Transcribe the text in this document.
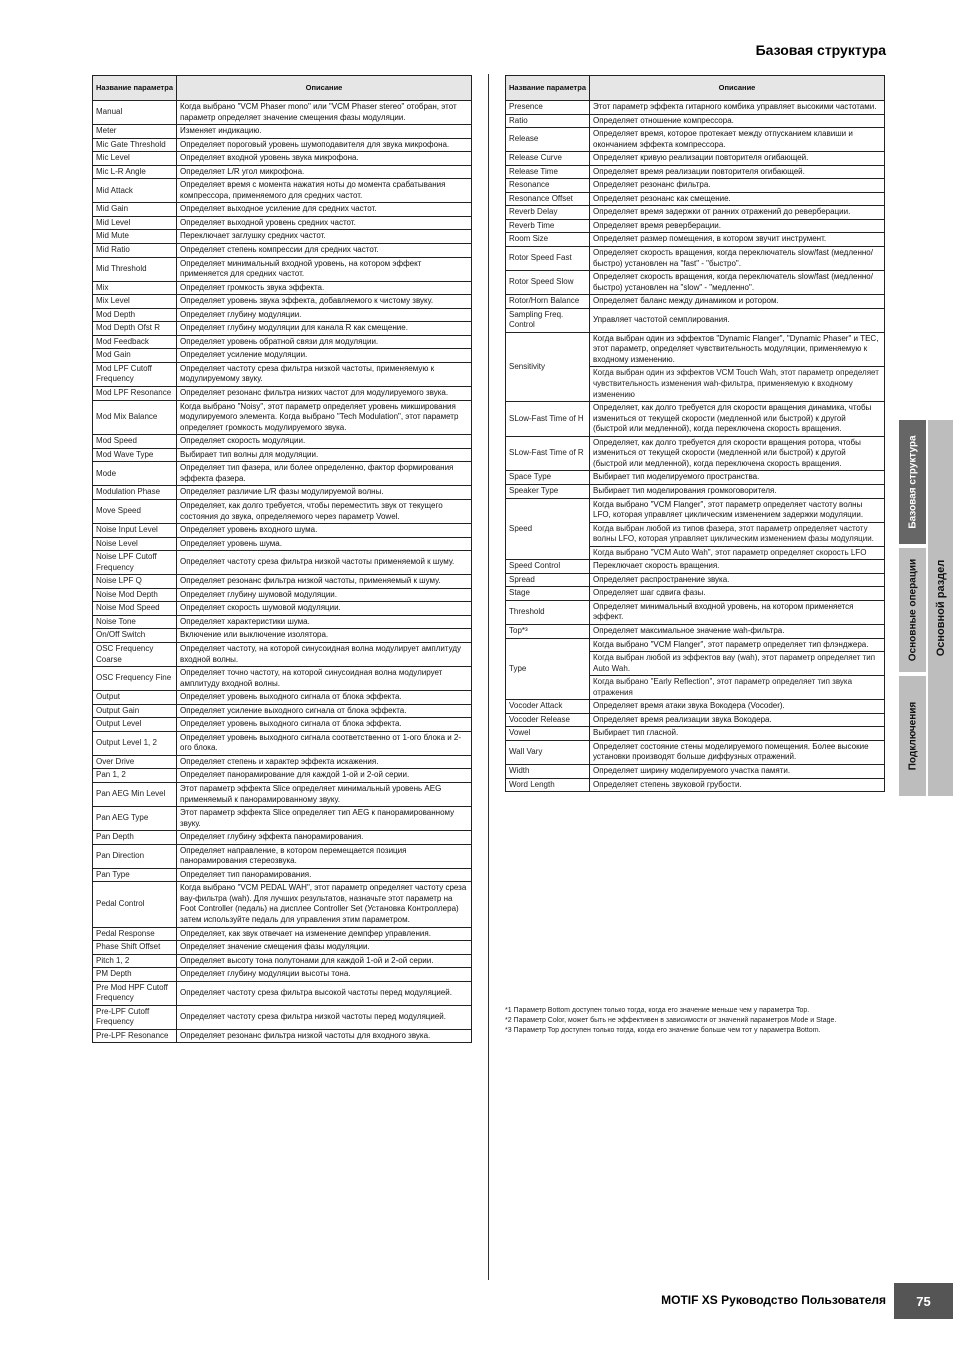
Базовая структура
Название параметра	Описание
Manual	Когда выбрано "VCM Phaser mono" или "VCM Phaser stereo" отобран, этот параметр определяет значение смещения фазы модуляции.
Meter	Изменяет индикацию.
Mic Gate Threshold	Определяет пороговый уровень шумоподавителя для звука микрофона.
Mic Level	Определяет входной уровень звука микрофона.
Mic L-R Angle	Определяет L/R угол микрофона.
Mid Attack	Определяет время с момента нажатия ноты до момента срабатывания компрессора, применяемого для средних частот.
Mid Gain	Определяет выходное усиление для средних частот.
Mid Level	Определяет выходной уровень средних частот.
Mid Mute	Переключает заглушку средних частот.
Mid Ratio	Определяет степень компрессии для средних частот.
Mid Threshold	Определяет минимальный входной уровень, на котором эффект применяется для средних частот.
Mix	Определяет громкость звука эффекта.
Mix Level	Определяет уровень звука эффекта, добавляемого к чистому звуку.
Mod Depth	Определяет глубину модуляции.
Mod Depth Ofst R	Определяет глубину модуляции для канала R как смещение.
Mod Feedback	Определяет уровень обратной связи для модуляции.
Mod Gain	Определяет усиление модуляции.
Mod LPF Cutoff Frequency	Определяет частоту среза фильтра низкой частоты, применяемую к модулируемому звуку.
Mod LPF Resonance	Определяет резонанс фильтра низких частот для модулируемого звука.
Mod Mix Balance	Когда выбрано "Noisy", этот параметр определяет уровень микширования модулируемого элемента. Когда выбрано "Tech Modulation", этот параметр определяет громкость модулируемого звука.
Mod Speed	Определяет скорость модуляции.
Mod Wave Type	Выбирает тип волны для модуляции.
Mode	Определяет тип фазера, или более определенно, фактор формирования эффекта фазера.
Modulation Phase	Определяет различие L/R фазы модулируемой волны.
Move Speed	Определяет, как долго требуется, чтобы переместить звук от текущего состояния до звука, определяемого через параметр Vowel.
Noise Input Level	Определяет уровень входного шума.
Noise Level	Определяет уровень шума.
Noise LPF Cutoff Frequency	Определяет частоту среза фильтра низкой частоты применяемой к шуму.
Noise LPF Q	Определяет резонанс фильтра низкой частоты, применяемый к шуму.
Noise Mod Depth	Определяет глубину шумовой модуляции.
Noise Mod Speed	Определяет скорость шумовой модуляции.
Noise Tone	Определяет характеристики шума.
On/Off Switch	Включение или выключение изолятора.
OSC Frequency Coarse	Определяет частоту, на которой синусоидная волна модулирует амплитуду входной волны.
OSC Frequency Fine	Определяет точно частоту, на которой синусоидная волна модулирует амплитуду входной волны.
Output	Определяет уровень выходного сигнала от блока эффекта.
Output Gain	Определяет усиление выходного сигнала от блока эффекта.
Output Level	Определяет уровень выходного сигнала от блока эффекта.
Output Level 1, 2	Определяет уровень выходного сигнала соответственно от 1-ого блока и 2-ого блока.
Over Drive	Определяет степень и характер эффекта искажения.
Pan 1, 2	Определяет панорамирование для каждой 1-ой и 2-ой серии.
Pan AEG Min Level	Этот параметр эффекта Slice определяет минимальный уровень AEG применяемый к панорамированному звуку.
Pan AEG Type	Этот параметр эффекта Slice определяет тип AEG к панорамированному звуку.
Pan Depth	Определяет глубину эффекта панорамирования.
Pan Direction	Определяет направление, в котором перемещается позиция панорамирования стереозвука.
Pan Type	Определяет тип панорамирования.
Pedal Control	Когда выбрано "VCM PEDAL WAH", этот параметр определяет частоту среза вау-фильтра (wah). Для лучших результатов, назначьте этот параметр на Foot Controller (педаль) на дисплее Controller Set (Установка Контроллера) затем используйте педаль для управления этим параметром.
Pedal Response	Определяет, как звук отвечает на изменение демпфер управления.
Phase Shift Offset	Определяет значение смещения фазы модуляции.
Pitch 1, 2	Определяет высоту тона полутонами для каждой 1-ой и 2-ой серии.
PM Depth	Определяет глубину модуляции высоты тона.
Pre Mod HPF Cutoff Frequency	Определяет частоту среза фильтра высокой частоты перед модуляцией.
Pre-LPF Cutoff Frequency	Определяет частоту среза фильтра низкой частоты перед модуляцией.
Pre-LPF Resonance	Определяет резонанс фильтра низкой частоты для входного звука.
Название параметра	Описание
Presence	Этот параметр эффекта гитарного комбика управляет высокими частотами.
Ratio	Определяет отношение компрессора.
Release	Определяет время, которое протекает между отпусканием клавиши и окончанием эффекта компрессора.
Release Curve	Определяет кривую реализации повторителя огибающей.
Release Time	Определяет время реализации повторителя огибающей.
Resonance	Определяет резонанс фильтра.
Resonance Offset	Определяет резонанс как смещение.
Reverb Delay	Определяет время задержки от ранних отражений до реверберации.
Reverb Time	Определяет время реверберации.
Room Size	Определяет размер помещения, в котором звучит инструмент.
Rotor Speed Fast	Определяет скорость вращения, когда переключатель slow/fast (медленно/быстро) установлен на "fast" - "быстро".
Rotor Speed Slow	Определяет скорость вращения, когда переключатель slow/fast (медленно/быстро) установлен на "slow" - "медленно".
Rotor/Horn Balance	Определяет баланс между динамиком и ротором.
Sampling Freq. Control	Управляет частотой семплирования.
Sensitivity	Когда выбран один из эффектов "Dynamic Flanger", "Dynamic Phaser" и TEC, этот параметр, определяет чувствительность модуляции, применяемую к входному изменению.
	Когда выбран один из эффектов VCM Touch Wah, этот параметр определяет чувствительность изменения wah-фильтра, применяемую к входному изменению
SLow-Fast Time of H	Определяет, как долго требуется для скорости вращения динамика, чтобы измениться от текущей скорости (медленной или быстрой) к другой (быстрой или медленной), когда переключена скорость вращения.
SLow-Fast Time of R	Определяет, как долго требуется для скорости вращения ротора, чтобы измениться от текущей скорости (медленной или быстрой) к другой (быстрой или медленной), когда переключена скорость вращения.
Space Type	Выбирает тип моделируемого пространства.
Speaker Type	Выбирает тип моделирования громкоговорителя.
Speed	Когда выбрано "VCM Flanger", этот параметр определяет частоту волны LFO, которая управляет циклическим изменением задержки модуляции.
	Когда выбран любой из типов фазера, этот параметр определяет частоту волны LFO, которая управляет циклическим изменением фазы модуляции.
	Когда выбрано "VCM Auto Wah", этот параметр определяет скорость LFO
Speed Control	Переключает скорость вращения.
Spread	Определяет распространение звука.
Stage	Определяет шаг сдвига фазы.
Threshold	Определяет минимальный входной уровень, на котором применяется эффект.
Top*³	Определяет максимальное значение wah-фильтра.
Type	Когда выбрано "VCM Flanger", этот параметр определяет тип флэнджера.
	Когда выбран любой из эффектов вау (wah), этот параметр определяет тип Auto Wah.
	Когда выбрано "Early Reflection", этот параметр определяет тип звука отражения
Vocoder Attack	Определяет время атаки звука Вокодера (Vocoder).
Vocoder Release	Определяет время реализации звука Вокодера.
Vowel	Выбирает тип гласной.
Wall Vary	Определяет состояние стены моделируемого помещения. Более высокие установки производят больше диффузных отражений.
Width	Определяет ширину моделируемого участка памяти.
Word Length	Определяет степень звуковой грубости.
*1 Параметр Bottom доступен только тогда, когда его значение меньше чем у параметра Top.
*2 Параметр Color, может быть не эффективен в зависимости от значений параметров Mode и Stage.
*3 Параметр Top доступен только тогда, когда его значение больше чем тот у параметра Bottom.
Базовая структура
Основные операции
Подключения
Основной раздел
MOTIF XS Руководство Пользователя	75
